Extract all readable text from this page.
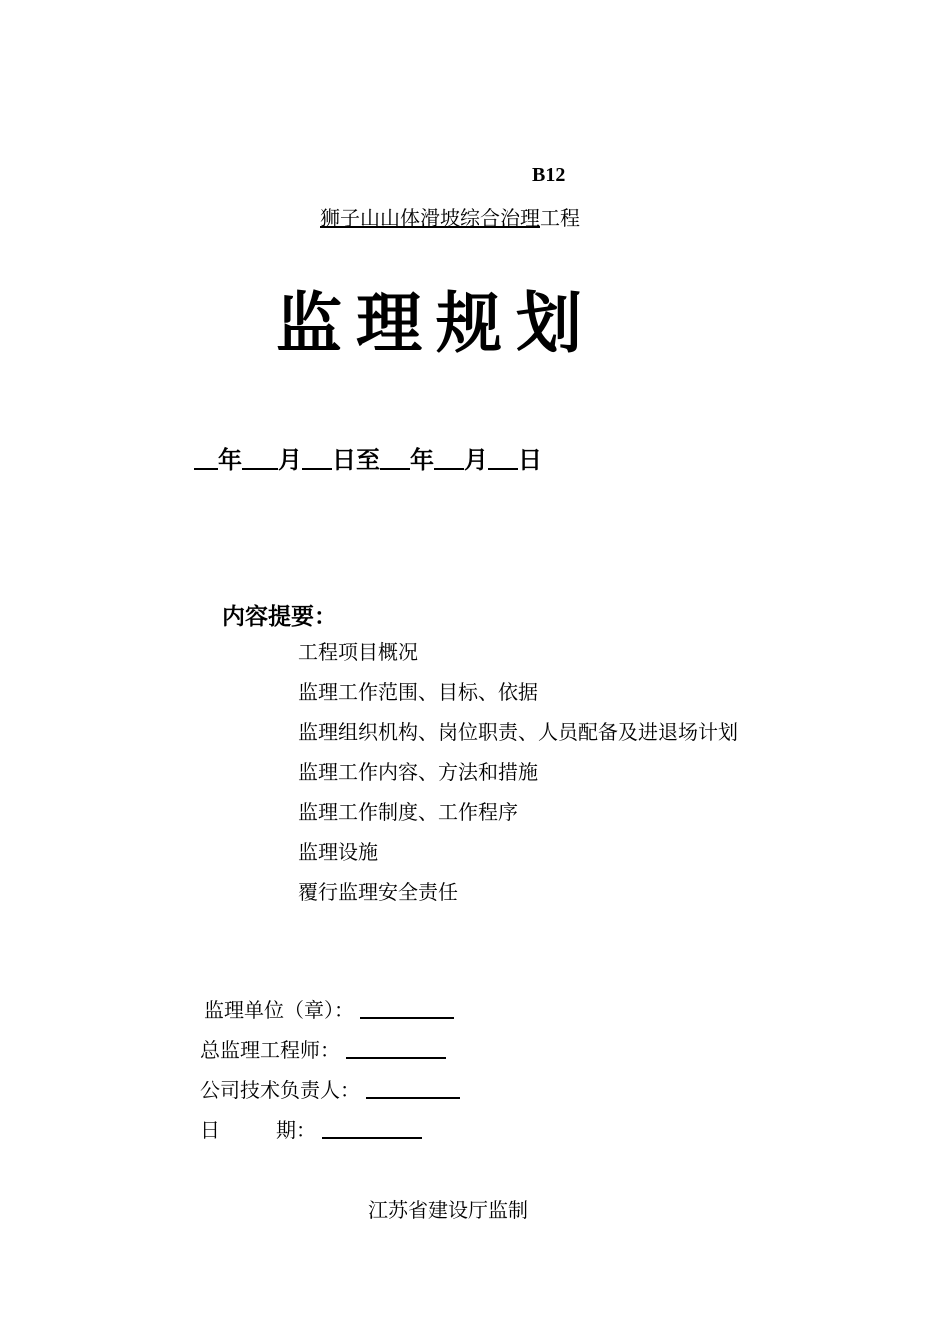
B12
狮子山山体滑坡综合治理工程
监理规划
年 月 日至 年 月 日
内容提要：
工程项目概况
监理工作范围、目标、依据
监理组织机构、岗位职责、人员配备及进退场计划
监理工作内容、方法和措施
监理工作制度、工作程序
监理设施
覆行监理安全责任
监理单位（章）：
总监理工程师：
公司技术负责人：
日	期：
江苏省建设厅监制
